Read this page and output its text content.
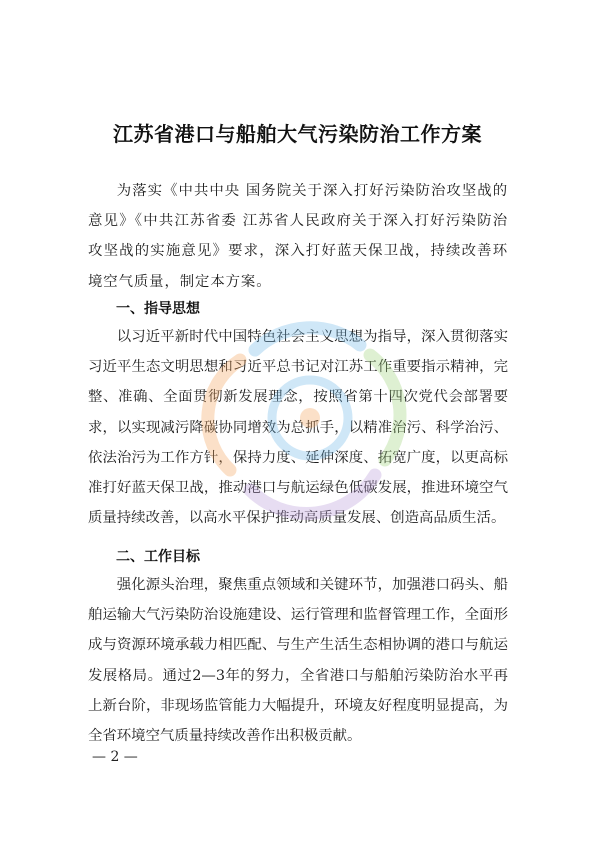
江苏省港口与船舶大气污染防治工作方案

为落实《中共中央 国务院关于深入打好污染防治攻坚战的意见》《中共江苏省委 江苏省人民政府关于深入打好污染防治攻坚战的实施意见》要求，深入打好蓝天保卫战，持续改善环境空气质量，制定本方案。

一、指导思想

以习近平新时代中国特色社会主义思想为指导，深入贯彻落实习近平生态文明思想和习近平总书记对江苏工作重要指示精神，完整、准确、全面贯彻新发展理念，按照省第十四次党代会部署要求，以实现减污降碳协同增效为总抓手，以精准治污、科学治污、依法治污为工作方针，保持力度、延伸深度、拓宽广度，以更高标准打好蓝天保卫战，推动港口与航运绿色低碳发展，推进环境空气质量持续改善，以高水平保护推动高质量发展、创造高品质生活。

二、工作目标

强化源头治理，聚焦重点领域和关键环节，加强港口码头、船舶运输大气污染防治设施建设、运行管理和监督管理工作，全面形成与资源环境承载力相匹配、与生产生活生态相协调的港口与航运发展格局。通过2—3年的努力，全省港口与船舶污染防治水平再上新台阶，非现场监管能力大幅提升，环境友好程度明显提高，为全省环境空气质量持续改善作出积极贡献。

— 2 —
